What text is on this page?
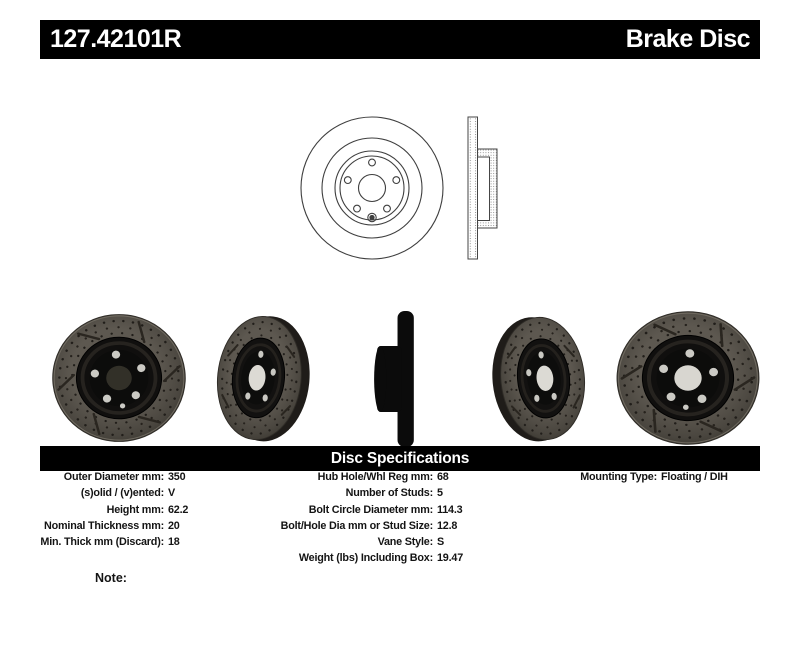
127.42101R	Brake Disc
Disc Specifications
Outer Diameter mm: 350
(s)olid / (v)ented: V
Height mm: 62.2
Nominal Thickness mm: 20
Min. Thick mm (Discard): 18
Hub Hole/Whl Reg mm: 68
Number of Studs: 5
Bolt Circle Diameter mm: 114.3
Bolt/Hole Dia mm or Stud Size: 12.8
Vane Style: S
Weight (lbs) Including Box: 19.47
Mounting Type: Floating / DIH
Note:
